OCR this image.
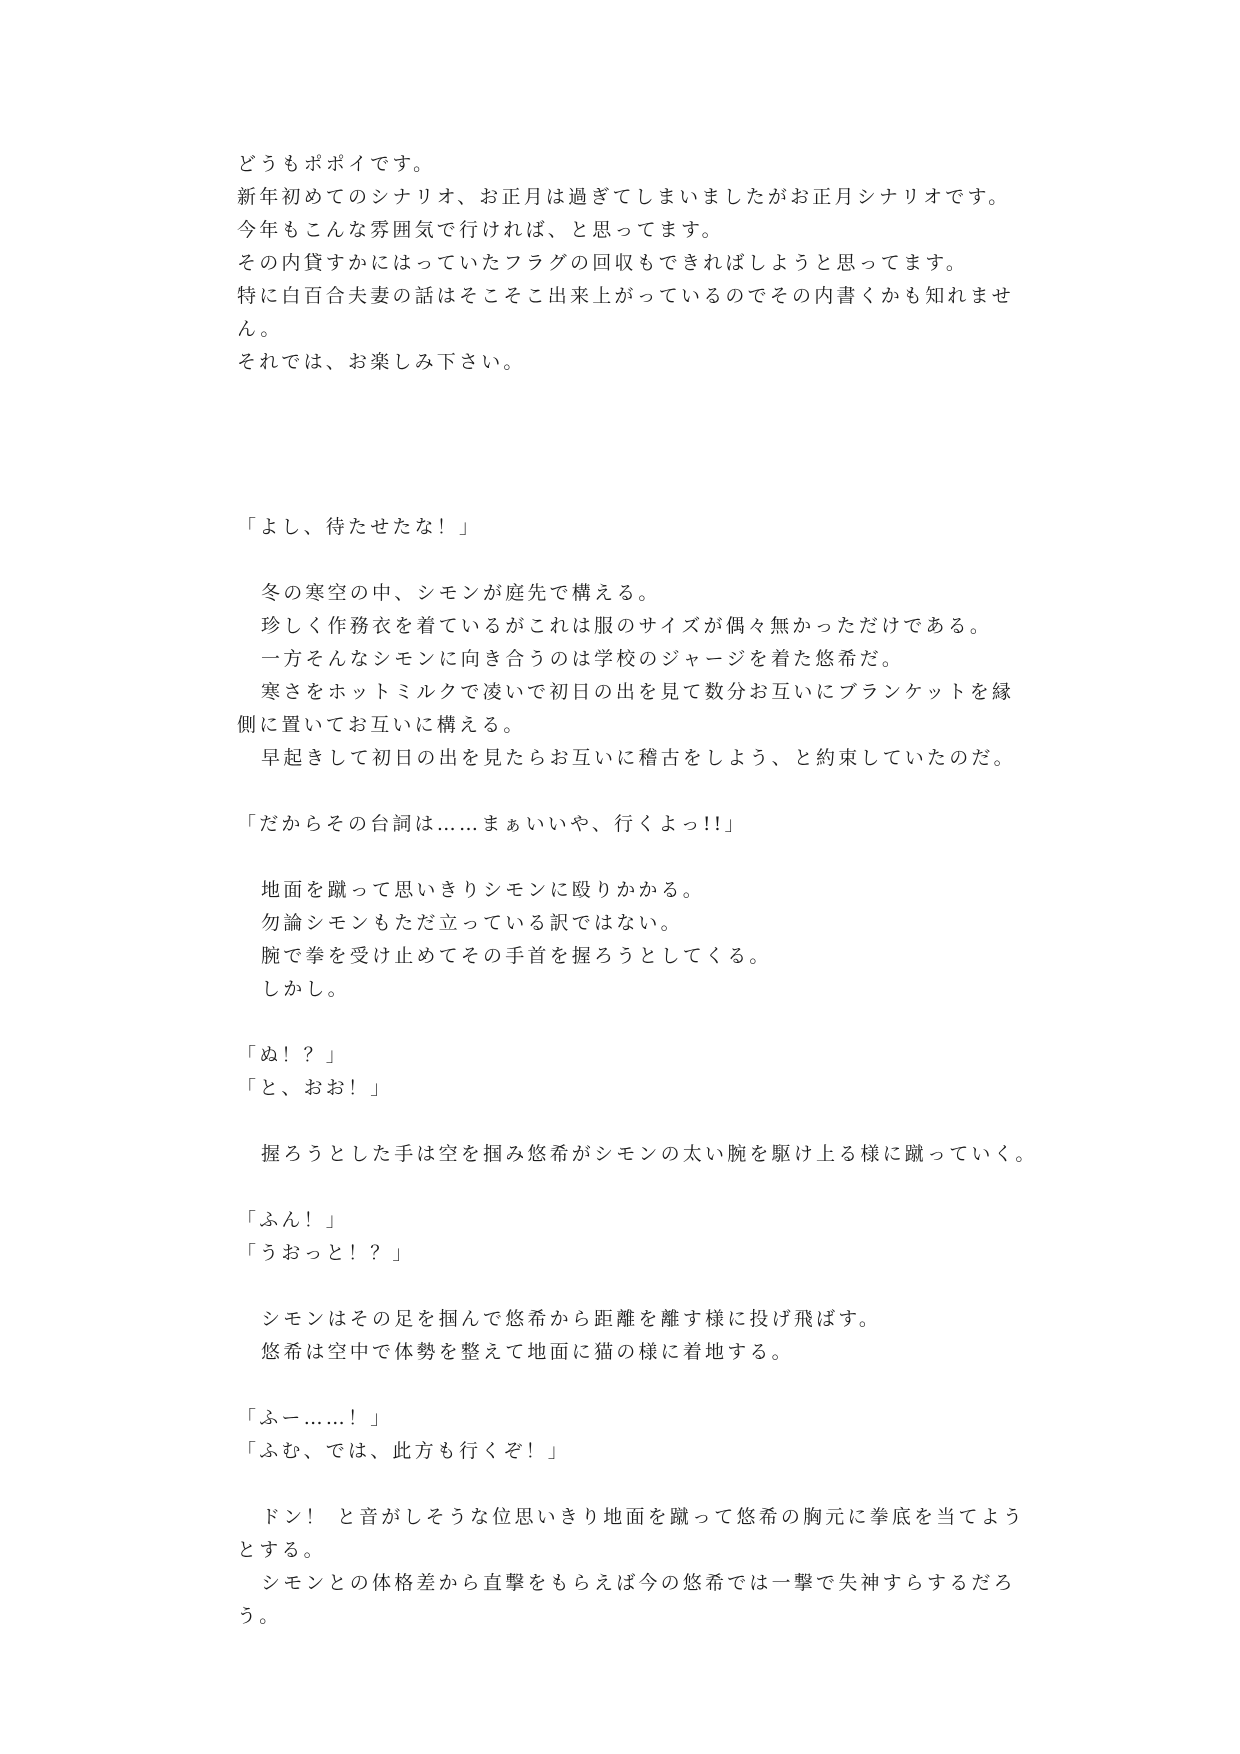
どうもポポイです。
新年初めてのシナリオ、お正月は過ぎてしまいましたがお正月シナリオです。
今年もこんな雰囲気で行ければ、と思ってます。
その内貸すかにはっていたフラグの回収もできればしようと思ってます。
特に白百合夫妻の話はそこそこ出来上がっているのでその内書くかも知れませ
ん。
それでは、お楽しみ下さい。
「よし、待たせたな！」
冬の寒空の中、シモンが庭先で構える。
珍しく作務衣を着ているがこれは服のサイズが偶々無かっただけである。
一方そんなシモンに向き合うのは学校のジャージを着た悠希だ。
寒さをホットミルクで凌いで初日の出を見て数分お互いにブランケットを縁
側に置いてお互いに構える。
早起きして初日の出を見たらお互いに稽古をしよう、と約束していたのだ。
「だからその台詞は……まぁいいや、行くよっ!!」
地面を蹴って思いきりシモンに殴りかかる。
勿論シモンもただ立っている訳ではない。
腕で拳を受け止めてその手首を握ろうとしてくる。
しかし。
「ぬ！？」
「と、おお！」
握ろうとした手は空を掴み悠希がシモンの太い腕を駆け上る様に蹴っていく。
「ふん！」
「うおっと！？」
シモンはその足を掴んで悠希から距離を離す様に投げ飛ばす。
悠希は空中で体勢を整えて地面に猫の様に着地する。
「ふー……！」
「ふむ、では、此方も行くぞ！」
ドン！ と音がしそうな位思いきり地面を蹴って悠希の胸元に拳底を当てよう
とする。
シモンとの体格差から直撃をもらえば今の悠希では一撃で失神すらするだろ
う。
